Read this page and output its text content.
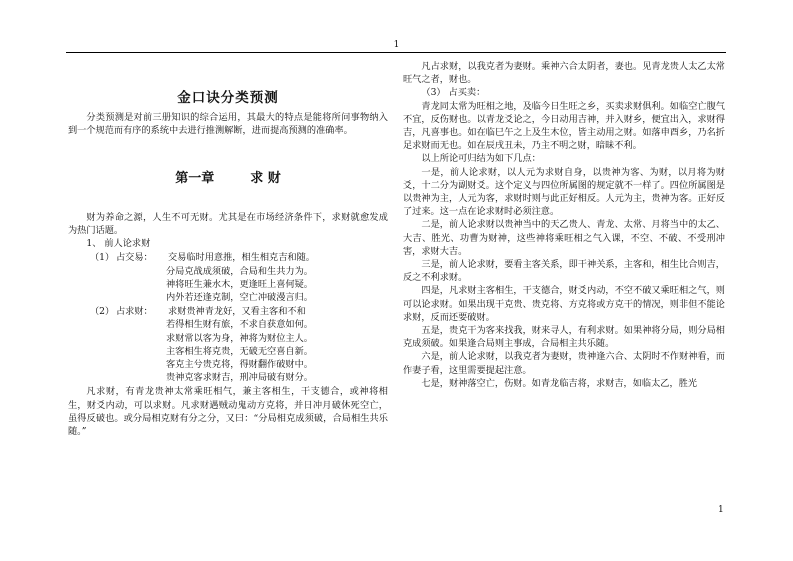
1
金口诀分类预测

分类预测是对前三册知识的综合运用，其最大的特点是能将所问事物纳入到一个规范而有序的系统中去进行推测解断，进而提高预测的准确率。

第一章	求 财

财为养命之源，人生不可无财。尤其是在市场经济条件下，求财就愈发成为热门话题。

1、 前人论求财
（1） 占交易：	交易临时用意推，相生相克吉和随。
分局克战成须破，合局和生共力为。
神将旺生兼水木，更逢旺上喜何疑。
内外若还逢克制，空亡冲破漫言归。
（2） 占求财：	求财贵神青龙好，又看主客和不和
若得相生财有旅，不求自获意如何。
求财常以客为身，神将为财位主人。
主客相生将克贵，无破无空喜自新。
客克主兮贵克将，得财翻作破财中。
贵神克客求财吉，刑冲局破有财分。

凡求财，有青龙贵神太常乘旺相气，兼主客相生，干支德合，或神将相生，财爻内动，可以求财。凡求财遇贼动鬼动方克将，并日冲月破休死空亡，虽得反破也。或分局相克财有分之分，又曰：“分局相克成须破，合局相生共乐随。”

凡占求财，以我克者为妻财。乘神六合太阴者，妻也。见青龙贵人太乙太常旺气之者，财也。

（3） 占买卖：

青龙同太常为旺相之地，及临今日生旺之乡，买卖求财俱利。如临空亡腹气不宜，反伤财也。以青龙爻论之，今日动用吉神，并入财乡，便宜出入，求财得吉，凡喜事也。如在临巳午之上及生木位，皆主动用之财。如落申酉乡，乃名折足求财而无也。如在辰戌丑未，乃主不明之财，暗昧不利。

以上所论可归结为如下几点：

一是，前人论求财，以人元为求财自身，以贵神为客、为财，以月将为财爻，十二分为副财爻。这个定义与四位所属图的规定就不一样了。四位所属图是以贵神为主，人元为客，求财时则与此正好相反。人元为主，贵神为客。正好反了过来。这一点在论求财时必须注意。

二是，前人论求财以贵神当中的天乙贵人、青龙、太常、月将当中的太乙、大吉、胜光、功曹为财神，这些神将乘旺相之气入课，不空、不破、不受刑冲害，求财大吉。

三是，前人论求财，要看主客关系，即干神关系，主客和，相生比合则吉，反之不利求财。

四是，凡求财主客相生，干支德合，财爻内动，不空不破又乘旺相之气，则可以论求财。如果出现干克贵、贵克将、方克将或方克干的情况，则非但不能论求财，反而还要破财。

五是，贵克干为客来找我，财来寻人，有利求财。如果神将分局，则分局相克成须破。如果逢合局则主事成，合局相主共乐随。

六是，前人论求财，以我克者为妻财，贵神逢六合、太阴时不作财神看，而作妻子看，这里需要提起注意。

七是，财神落空亡，伤财。如青龙临吉将，求财吉，如临太乙，胜光

1
